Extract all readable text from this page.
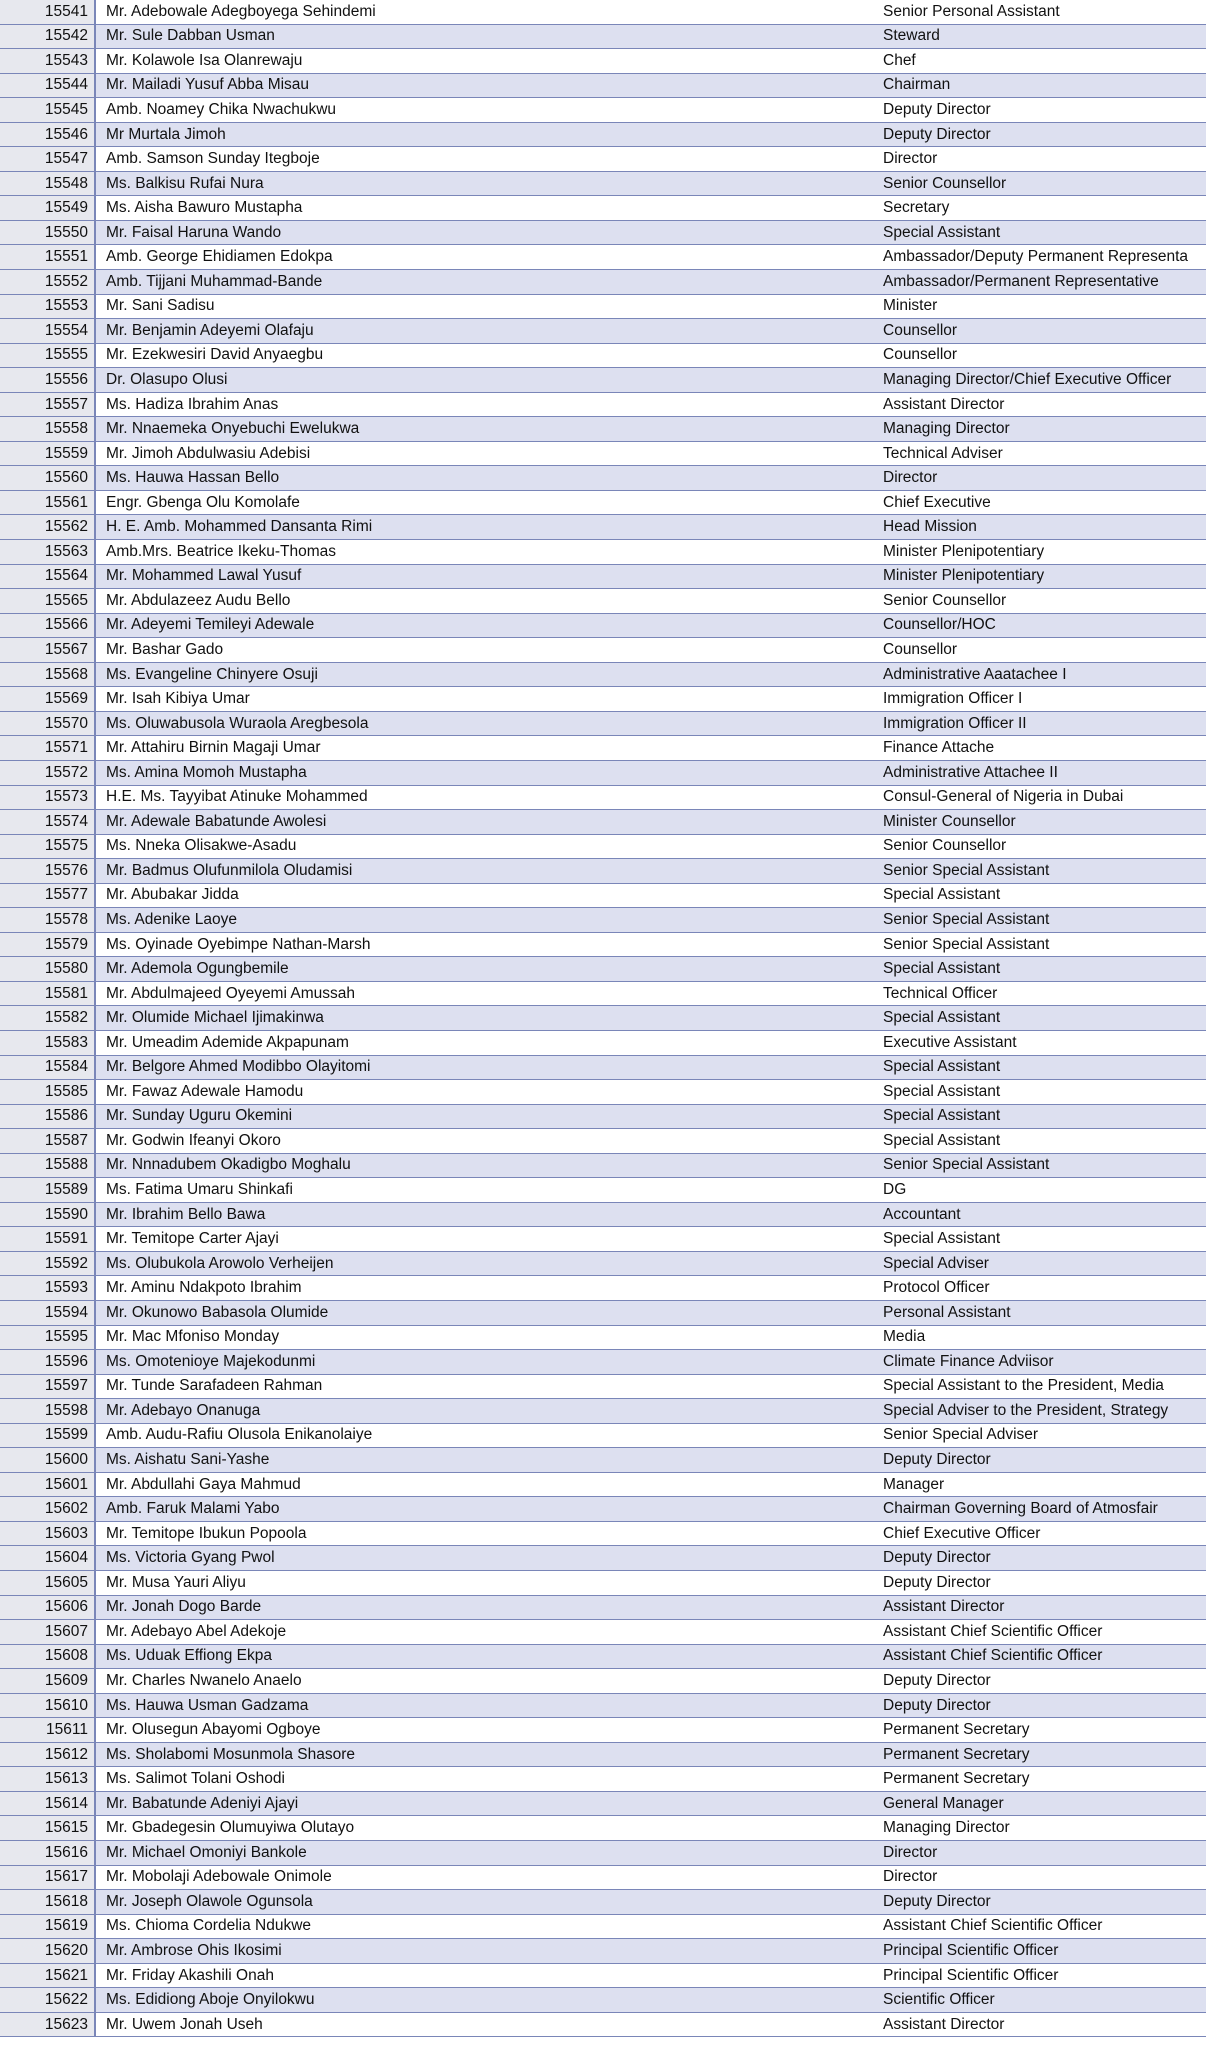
15541	Mr. Adebowale Adegboyega Sehindemi	Senior Personal Assistant
15542	Mr. Sule Dabban Usman	Steward
15543	Mr. Kolawole Isa Olanrewaju	Chef
15544	Mr. Mailadi Yusuf Abba Misau	Chairman
15545	Amb. Noamey Chika Nwachukwu	Deputy Director
15546	Mr Murtala Jimoh	Deputy Director
15547	Amb. Samson Sunday Itegboje	Director
15548	Ms. Balkisu Rufai Nura	Senior Counsellor
15549	Ms. Aisha Bawuro Mustapha	Secretary
15550	Mr. Faisal Haruna Wando	Special Assistant
15551	Amb. George Ehidiamen Edokpa	Ambassador/Deputy Permanent Representa
15552	Amb. Tijjani Muhammad-Bande	Ambassador/Permanent Representative
15553	Mr. Sani Sadisu	Minister
15554	Mr. Benjamin Adeyemi Olafaju	Counsellor
15555	Mr. Ezekwesiri David Anyaegbu	Counsellor
15556	Dr. Olasupo Olusi	Managing Director/Chief Executive Officer
15557	Ms. Hadiza Ibrahim Anas	Assistant Director
15558	Mr. Nnaemeka Onyebuchi Ewelukwa	Managing Director
15559	Mr. Jimoh Abdulwasiu Adebisi	Technical Adviser
15560	Ms. Hauwa Hassan Bello	Director
15561	Engr. Gbenga Olu Komolafe	Chief Executive
15562	H. E. Amb. Mohammed Dansanta Rimi	Head Mission
15563	Amb.Mrs. Beatrice Ikeku-Thomas	Minister Plenipotentiary
15564	Mr. Mohammed Lawal Yusuf	Minister Plenipotentiary
15565	Mr. Abdulazeez Audu Bello	Senior Counsellor
15566	Mr. Adeyemi Temileyi Adewale	Counsellor/HOC
15567	Mr. Bashar Gado	Counsellor
15568	Ms. Evangeline Chinyere Osuji	Administrative Aaatachee I
15569	Mr. Isah Kibiya Umar	Immigration Officer I
15570	Ms. Oluwabusola Wuraola Aregbesola	Immigration Officer II
15571	Mr. Attahiru Birnin Magaji Umar	Finance Attache
15572	Ms. Amina Momoh Mustapha	Administrative Attachee II
15573	H.E. Ms. Tayyibat Atinuke Mohammed	Consul-General of Nigeria in Dubai
15574	Mr. Adewale Babatunde Awolesi	Minister Counsellor
15575	Ms. Nneka Olisakwe-Asadu	Senior Counsellor
15576	Mr. Badmus Olufunmilola Oludamisi	Senior Special Assistant
15577	Mr. Abubakar Jidda	Special Assistant
15578	Ms. Adenike Laoye	Senior Special Assistant
15579	Ms. Oyinade Oyebimpe Nathan-Marsh	Senior Special Assistant
15580	Mr. Ademola Ogungbemile	Special Assistant
15581	Mr. Abdulmajeed Oyeyemi Amussah	Technical Officer
15582	Mr. Olumide Michael Ijimakinwa	Special Assistant
15583	Mr. Umeadim Ademide Akpapunam	Executive Assistant
15584	Mr. Belgore Ahmed Modibbo Olayitomi	Special Assistant
15585	Mr. Fawaz Adewale Hamodu	Special Assistant
15586	Mr. Sunday Uguru Okemini	Special Assistant
15587	Mr. Godwin Ifeanyi Okoro	Special Assistant
15588	Mr. Nnnadubem Okadigbo Moghalu	Senior Special Assistant
15589	Ms. Fatima Umaru Shinkafi	DG
15590	Mr. Ibrahim Bello Bawa	Accountant
15591	Mr. Temitope Carter Ajayi	Special Assistant
15592	Ms. Olubukola Arowolo Verheijen	Special Adviser
15593	Mr. Aminu Ndakpoto Ibrahim	Protocol Officer
15594	Mr. Okunowo Babasola Olumide	Personal Assistant
15595	Mr. Mac Mfoniso Monday	Media
15596	Ms. Omotenioye Majekodunmi	Climate Finance Adviisor
15597	Mr. Tunde Sarafadeen Rahman	Special Assistant to the President, Media
15598	Mr. Adebayo Onanuga	Special Adviser to the President, Strategy
15599	Amb. Audu-Rafiu Olusola Enikanolaiye	Senior Special Adviser
15600	Ms. Aishatu Sani-Yashe	Deputy Director
15601	Mr. Abdullahi Gaya Mahmud	Manager
15602	Amb. Faruk Malami Yabo	Chairman Governing Board of Atmosfair
15603	Mr. Temitope Ibukun Popoola	Chief Executive Officer
15604	Ms. Victoria Gyang Pwol	Deputy Director
15605	Mr. Musa Yauri Aliyu	Deputy Director
15606	Mr. Jonah Dogo Barde	Assistant Director
15607	Mr. Adebayo Abel Adekoje	Assistant Chief Scientific Officer
15608	Ms. Uduak Effiong Ekpa	Assistant Chief Scientific Officer
15609	Mr. Charles Nwanelo Anaelo	Deputy Director
15610	Ms. Hauwa Usman Gadzama	Deputy Director
15611	Mr. Olusegun Abayomi Ogboye	Permanent Secretary
15612	Ms. Sholabomi Mosunmola Shasore	Permanent Secretary
15613	Ms. Salimot Tolani Oshodi	Permanent Secretary
15614	Mr. Babatunde Adeniyi Ajayi	General Manager
15615	Mr. Gbadegesin Olumuyiwa Olutayo	Managing Director
15616	Mr. Michael Omoniyi Bankole	Director
15617	Mr. Mobolaji Adebowale Onimole	Director
15618	Mr. Joseph Olawole Ogunsola	Deputy Director
15619	Ms. Chioma Cordelia Ndukwe	Assistant Chief Scientific Officer
15620	Mr. Ambrose Ohis Ikosimi	Principal Scientific Officer
15621	Mr. Friday Akashili Onah	Principal Scientific Officer
15622	Ms. Edidiong Aboje Onyilokwu	Scientific Officer
15623	Mr. Uwem Jonah Useh	Assistant Director
